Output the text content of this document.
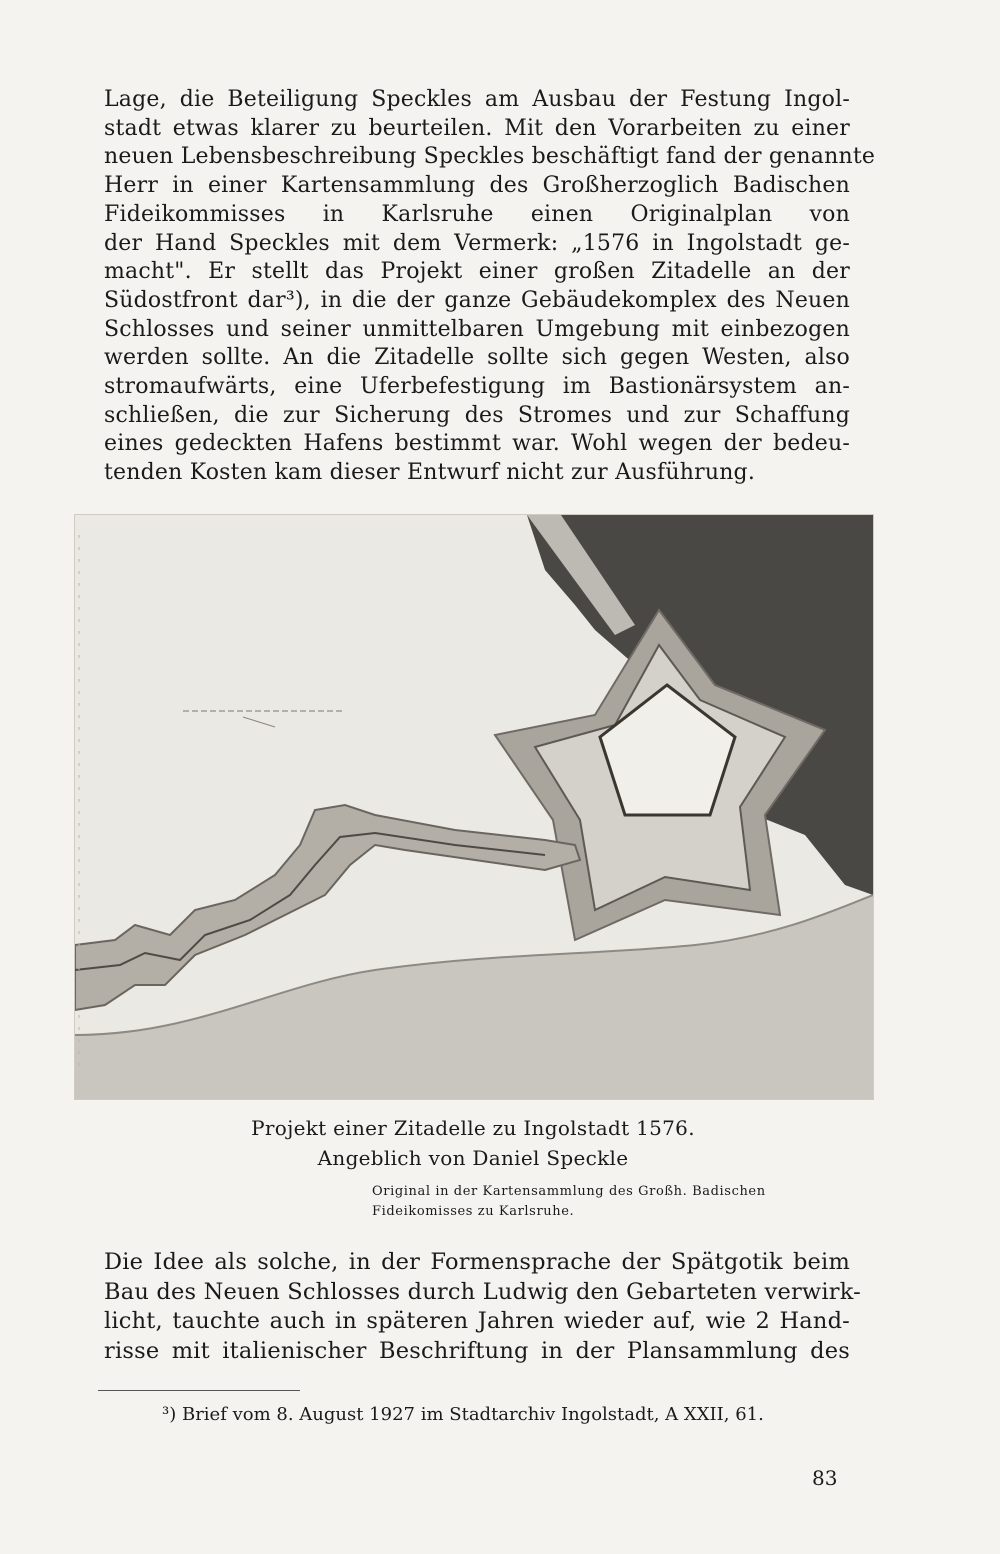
Lage, die Beteiligung Speckles am Ausbau der Festung Ingol-
stadt etwas klarer zu beurteilen. Mit den Vorarbeiten zu einer
neuen Lebensbeschreibung Speckles beschäftigt fand der genannte
Herr in einer Kartensammlung des Großherzoglich Badischen
Fideikommisses in Karlsruhe einen Originalplan von
der Hand Speckles mit dem Vermerk: „1576 in Ingolstadt ge-
macht". Er stellt das Projekt einer großen Zitadelle an der
Südostfront dar³), in die der ganze Gebäudekomplex des Neuen
Schlosses und seiner unmittelbaren Umgebung mit einbezogen
werden sollte. An die Zitadelle sollte sich gegen Westen, also
stromaufwärts, eine Uferbefestigung im Bastionärsystem an-
schließen, die zur Sicherung des Stromes und zur Schaffung
eines gedeckten Hafens bestimmt war. Wohl wegen der bedeu-
tenden Kosten kam dieser Entwurf nicht zur Ausführung.
Projekt einer Zitadelle zu Ingolstadt 1576.
Angeblich von Daniel Speckle
Original in der Kartensammlung des Großh. Badischen
Fideikomisses zu Karlsruhe.
Die Idee als solche, in der Formensprache der Spätgotik beim
Bau des Neuen Schlosses durch Ludwig den Gebarteten verwirk-
licht, tauchte auch in späteren Jahren wieder auf, wie 2 Hand-
risse mit italienischer Beschriftung in der Plansammlung des
³) Brief vom 8. August 1927 im Stadtarchiv Ingolstadt, A XXII, 61.
83
